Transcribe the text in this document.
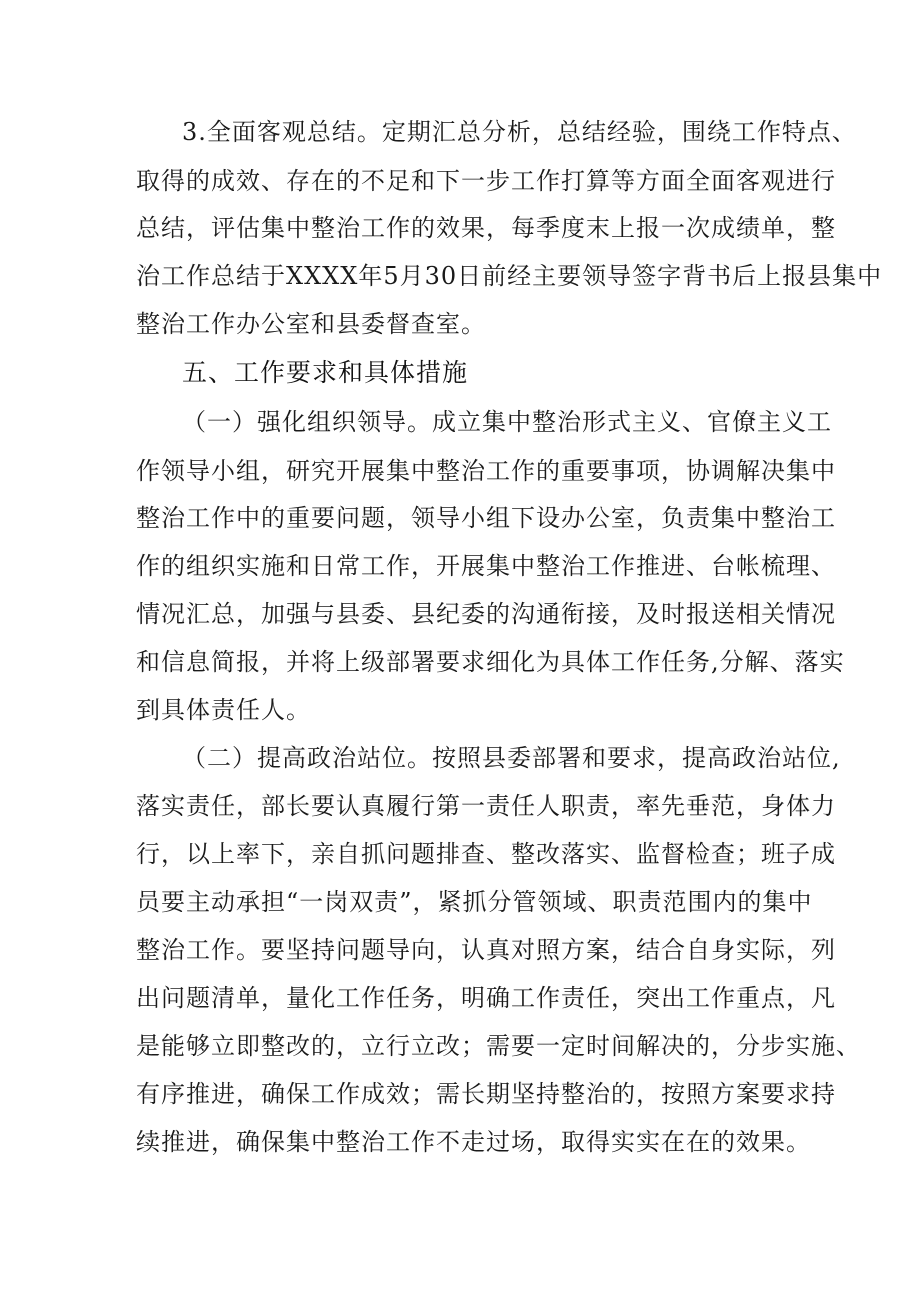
3.全面客观总结。定期汇总分析，总结经验，围绕工作特点、
取得的成效、存在的不足和下一步工作打算等方面全面客观进行
总结，评估集中整治工作的效果，每季度末上报一次成绩单，整
治工作总结于XXXX年5月30日前经主要领导签字背书后上报县集中
整治工作办公室和县委督查室。
五、工作要求和具体措施
（一）强化组织领导。成立集中整治形式主义、官僚主义工
作领导小组，研究开展集中整治工作的重要事项，协调解决集中
整治工作中的重要问题，领导小组下设办公室，负责集中整治工
作的组织实施和日常工作，开展集中整治工作推进、台帐梳理、
情况汇总，加强与县委、县纪委的沟通衔接，及时报送相关情况
和信息简报，并将上级部署要求细化为具体工作任务,分解、落实
到具体责任人。
（二）提高政治站位。按照县委部署和要求，提高政治站位,
落实责任，部长要认真履行第一责任人职责，率先垂范，身体力
行，以上率下，亲自抓问题排查、整改落实、监督检查；班子成
员要主动承担“一岗双责”，紧抓分管领域、职责范围内的集中
整治工作。要坚持问题导向，认真对照方案，结合自身实际，列
出问题清单，量化工作任务，明确工作责任，突出工作重点，凡
是能够立即整改的，立行立改；需要一定时间解决的，分步实施、
有序推进，确保工作成效；需长期坚持整治的，按照方案要求持
续推进，确保集中整治工作不走过场，取得实实在在的效果。
